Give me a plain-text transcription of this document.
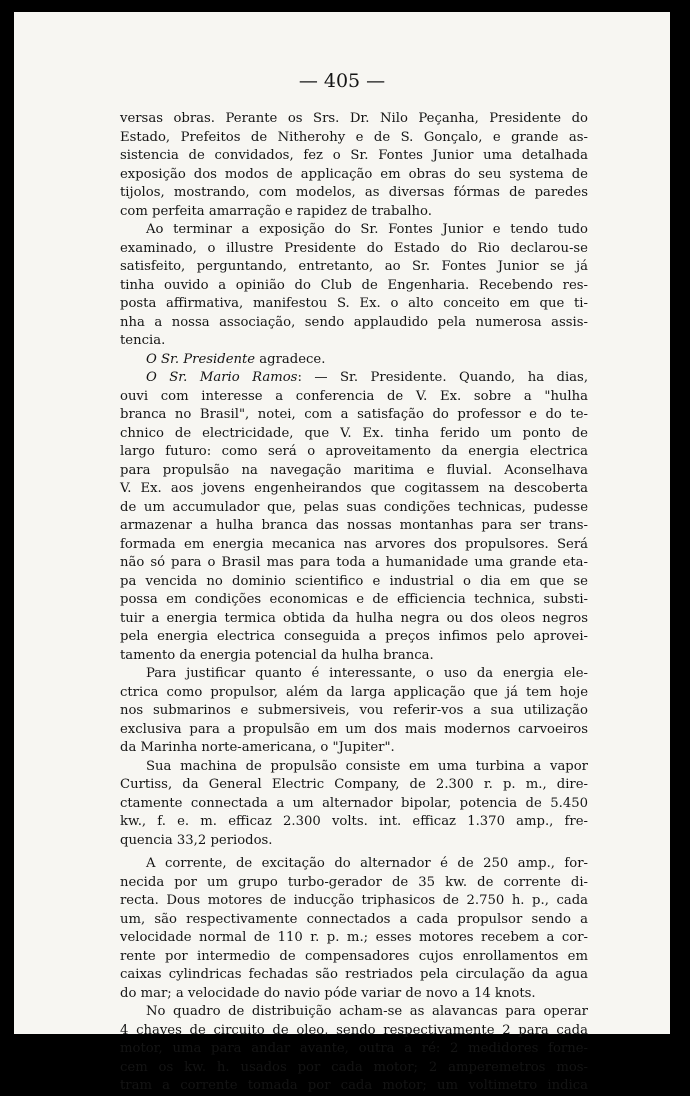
— 405 —
versas obras. Perante os Srs. Dr. Nilo Peçanha, Presidente do
Estado, Prefeitos de Nitherohy e de S. Gonçalo, e grande as-
sistencia de convidados, fez o Sr. Fontes Junior uma detalhada
exposição dos modos de applicação em obras do seu systema de
tijolos, mostrando, com modelos, as diversas fórmas de paredes
com perfeita amarração e rapidez de trabalho.
Ao terminar a exposição do Sr. Fontes Junior e tendo tudo
examinado, o illustre Presidente do Estado do Rio declarou-se
satisfeito, perguntando, entretanto, ao Sr. Fontes Junior se já
tinha ouvido a opinião do Club de Engenharia. Recebendo res-
posta affirmativa, manifestou S. Ex. o alto conceito em que ti-
nha a nossa associação, sendo applaudido pela numerosa assis-
tencia.
O Sr. Presidente agradece.
O Sr. Mario Ramos: — Sr. Presidente. Quando, ha dias,
ouvi com interesse a conferencia de V. Ex. sobre a "hulha
branca no Brasil", notei, com a satisfação do professor e do te-
chnico de electricidade, que V. Ex. tinha ferido um ponto de
largo futuro: como será o aproveitamento da energia electrica
para propulsão na navegação maritima e fluvial. Aconselhava
V. Ex. aos jovens engenheirandos que cogitassem na descoberta
de um accumulador que, pelas suas condições technicas, pudesse
armazenar a hulha branca das nossas montanhas para ser trans-
formada em energia mecanica nas arvores dos propulsores. Será
não só para o Brasil mas para toda a humanidade uma grande eta-
pa vencida no dominio scientifico e industrial o dia em que se
possa em condições economicas e de efficiencia technica, substi-
tuir a energia termica obtida da hulha negra ou dos oleos negros
pela energia electrica conseguida a preços infimos pelo aprovei-
tamento da energia potencial da hulha branca.
Para justificar quanto é interessante, o uso da energia ele-
ctrica como propulsor, além da larga applicação que já tem hoje
nos submarinos e submersiveis, vou referir-vos a sua utilização
exclusiva para a propulsão em um dos mais modernos carvoeiros
da Marinha norte-americana, o "Jupiter".
Sua machina de propulsão consiste em uma turbina a vapor
Curtiss, da General Electric Company, de 2.300 r. p. m., dire-
ctamente connectada a um alternador bipolar, potencia de 5.450
kw., f. e. m. efficaz 2.300 volts. int. efficaz 1.370 amp., fre-
quencia 33,2 periodos.
A corrente, de excitação do alternador é de 250 amp., for-
necida por um grupo turbo-gerador de 35 kw. de corrente di-
recta. Dous motores de inducção triphasicos de 2.750 h. p., cada
um, são respectivamente connectados a cada propulsor sendo a
velocidade normal de 110 r. p. m.; esses motores recebem a cor-
rente por intermedio de compensadores cujos enrollamentos em
caixas cylindricas fechadas são restriados pela circulação da agua
do mar; a velocidade do navio póde variar de novo a 14 knots.
No quadro de distribuição acham-se as alavancas para operar
4 chaves de circuito de oleo, sendo respectivamente 2 para cada
motor, uma para andar avante, outra a ré: 2 medidores forne-
cem os kw. h. usados por cada motor; 2 amperemetros mos-
tram a corrente tomada por cada motor; um voltimetro indica
